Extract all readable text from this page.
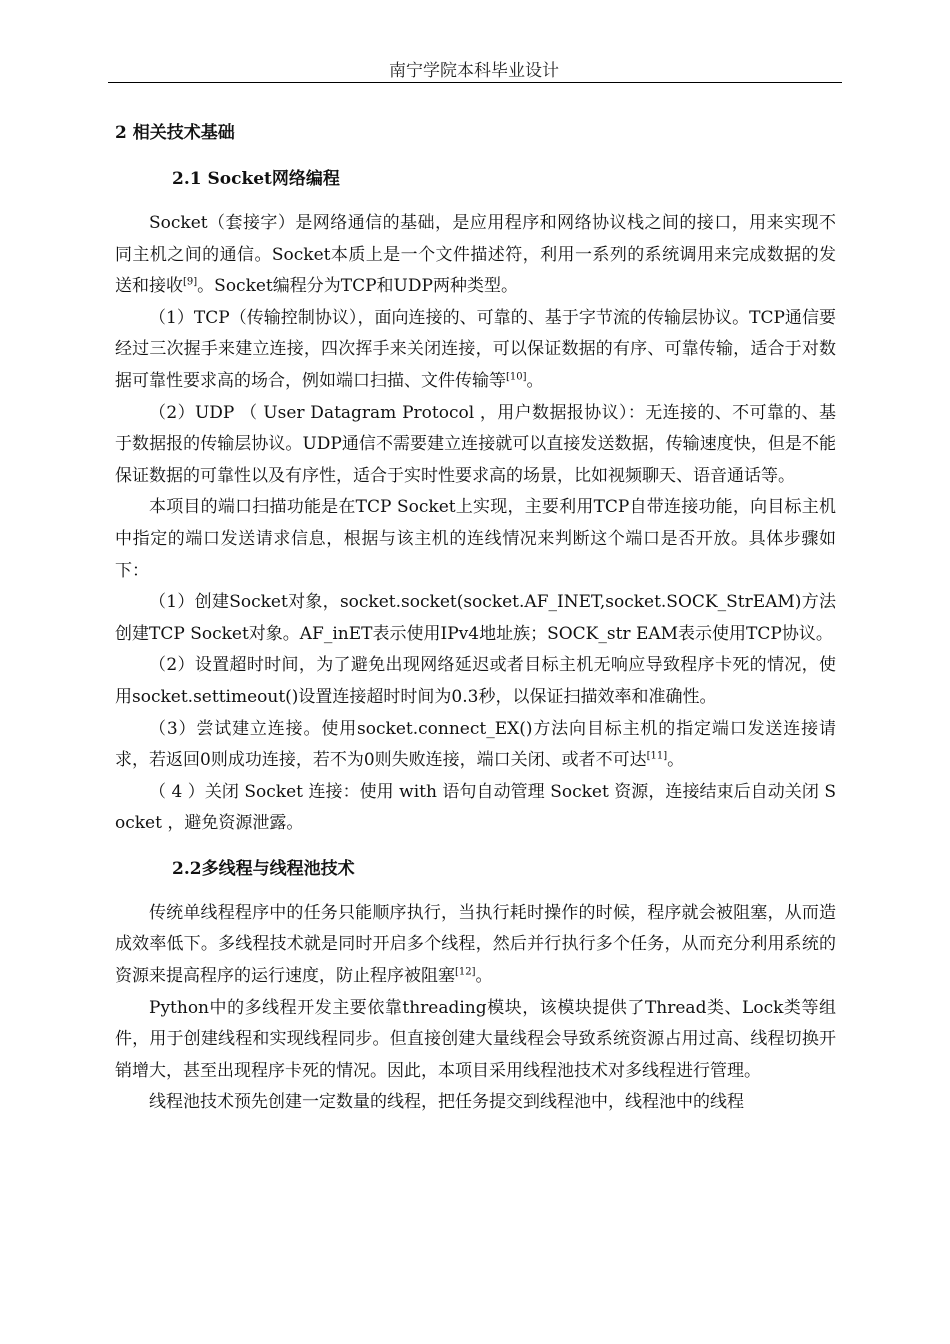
南宁学院本科毕业设计
2 相关技术基础
2.1 Socket网络编程

Socket（套接字）是网络通信的基础，是应用程序和网络协议栈之间的接口，用来实现不同主机之间的通信。Socket本质上是一个文件描述符，利用一系列的系统调用来完成数据的发送和接收[9]。Socket编程分为TCP和UDP两种类型。

（1）TCP（传输控制协议），面向连接的、可靠的、基于字节流的传输层协议。TCP通信要经过三次握手来建立连接，四次挥手来关闭连接，可以保证数据的有序、可靠传输，适合于对数据可靠性要求高的场合，例如端口扫描、文件传输等[10]。

（2）UDP （ User Datagram Protocol ，用户数据报协议）：无连接的、不可靠的、基于数据报的传输层协议。UDP通信不需要建立连接就可以直接发送数据，传输速度快，但是不能保证数据的可靠性以及有序性，适合于实时性要求高的场景，比如视频聊天、语音通话等。

本项目的端口扫描功能是在TCP Socket上实现，主要利用TCP自带连接功能，向目标主机中指定的端口发送请求信息，根据与该主机的连线情况来判断这个端口是否开放。具体步骤如下：

（1）创建Socket对象，socket.socket(socket.AF_INET,socket.SOCK_StrEAM)方法创建TCP Socket对象。AF_inET表示使用IPv4地址族；SOCK_str EAM表示使用TCP协议。

（2）设置超时时间，为了避免出现网络延迟或者目标主机无响应导致程序卡死的情况，使用socket.settimeout()设置连接超时时间为0.3秒，以保证扫描效率和准确性。

（3）尝试建立连接。使用socket.connect_EX()方法向目标主机的指定端口发送连接请求，若返回0则成功连接，若不为0则失败连接，端口关闭、或者不可达[11]。

（ 4 ）关闭 Socket 连接：使用 with 语句自动管理 Socket 资源，连接结束后自动关闭 Socket ，避免资源泄露。

2.2多线程与线程池技术

传统单线程程序中的任务只能顺序执行，当执行耗时操作的时候，程序就会被阻塞，从而造成效率低下。多线程技术就是同时开启多个线程，然后并行执行多个任务，从而充分利用系统的资源来提高程序的运行速度，防止程序被阻塞[12]。

Python中的多线程开发主要依靠threading模块，该模块提供了Thread类、Lock类等组件，用于创建线程和实现线程同步。但直接创建大量线程会导致系统资源占用过高、线程切换开销增大，甚至出现程序卡死的情况。因此，本项目采用线程池技术对多线程进行管理。

线程池技术预先创建一定数量的线程，把任务提交到线程池中，线程池中的线程
